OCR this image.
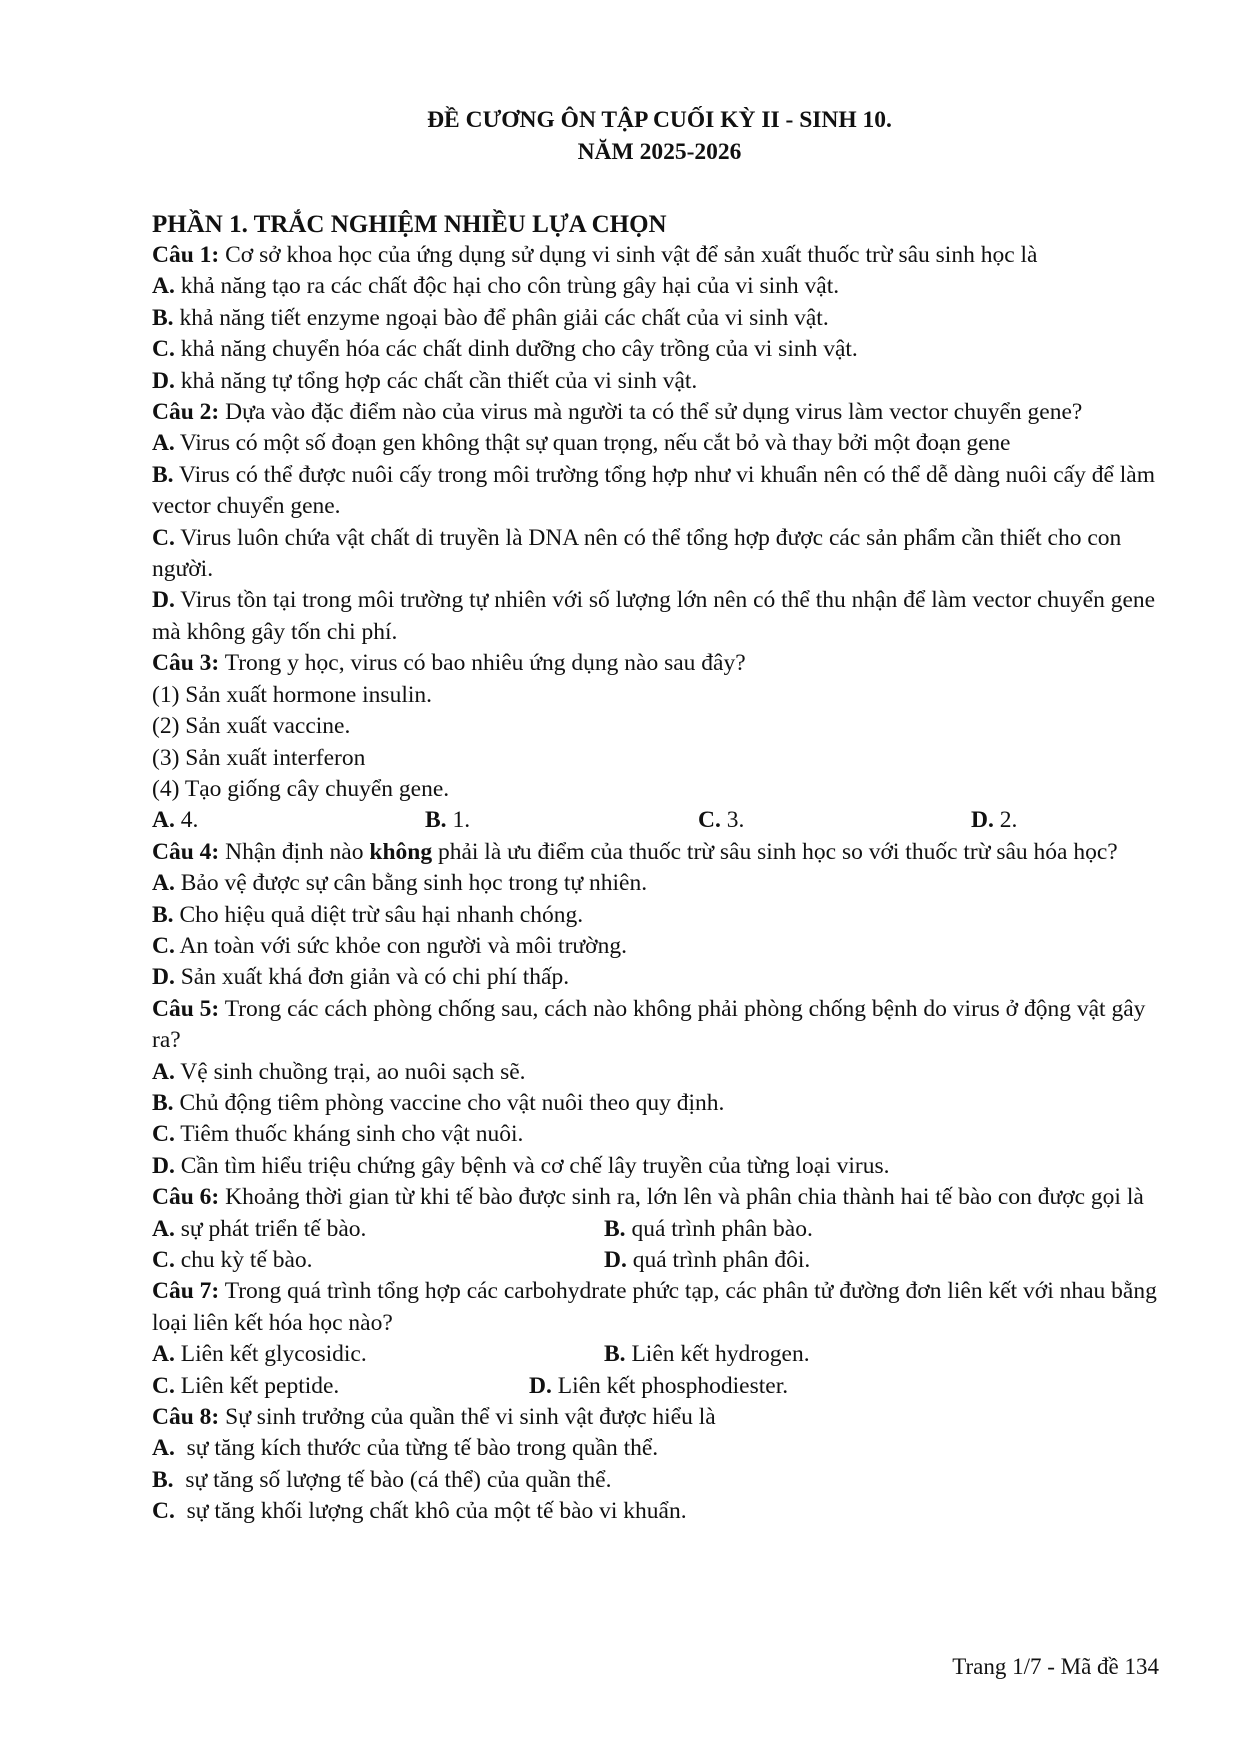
ĐỀ CƯƠNG ÔN TẬP CUỐI KỲ II - SINH 10.
NĂM 2025-2026
PHẦN 1. TRẮC NGHIỆM NHIỀU LỰA CHỌN

Câu 1: Cơ sở khoa học của ứng dụng sử dụng vi sinh vật để sản xuất thuốc trừ sâu sinh học là

A. khả năng tạo ra các chất độc hại cho côn trùng gây hại của vi sinh vật.

B. khả năng tiết enzyme ngoại bào để phân giải các chất của vi sinh vật.

C. khả năng chuyển hóa các chất dinh dưỡng cho cây trồng của vi sinh vật.

D. khả năng tự tổng hợp các chất cần thiết của vi sinh vật.

Câu 2: Dựa vào đặc điểm nào của virus mà người ta có thể sử dụng virus làm vector chuyển gene?

A. Virus có một số đoạn gen không thật sự quan trọng, nếu cắt bỏ và thay bởi một đoạn gene

B. Virus có thể được nuôi cấy trong môi trường tổng hợp như vi khuẩn nên có thể dễ dàng nuôi cấy để làm vector chuyển gene.

C. Virus luôn chứa vật chất di truyền là DNA nên có thể tổng hợp được các sản phẩm cần thiết cho con người.

D. Virus tồn tại trong môi trường tự nhiên với số lượng lớn nên có thể thu nhận để làm vector chuyển gene mà không gây tốn chi phí.

Câu 3: Trong y học, virus có bao nhiêu ứng dụng nào sau đây?

(1) Sản xuất hormone insulin.

(2) Sản xuất vaccine.

(3) Sản xuất interferon

(4) Tạo giống cây chuyển gene.

A. 4.	B. 1.	C. 3.	D. 2.

Câu 4: Nhận định nào không phải là ưu điểm của thuốc trừ sâu sinh học so với thuốc trừ sâu hóa học?

A. Bảo vệ được sự cân bằng sinh học trong tự nhiên.

B. Cho hiệu quả diệt trừ sâu hại nhanh chóng.

C. An toàn với sức khỏe con người và môi trường.

D. Sản xuất khá đơn giản và có chi phí thấp.

Câu 5: Trong các cách phòng chống sau, cách nào không phải phòng chống bệnh do virus ở động vật gây ra?

A. Vệ sinh chuồng trại, ao nuôi sạch sẽ.

B. Chủ động tiêm phòng vaccine cho vật nuôi theo quy định.

C. Tiêm thuốc kháng sinh cho vật nuôi.

D. Cần tìm hiểu triệu chứng gây bệnh và cơ chế lây truyền của từng loại virus.

Câu 6: Khoảng thời gian từ khi tế bào được sinh ra, lớn lên và phân chia thành hai tế bào con được gọi là

A. sự phát triển tế bào.	B. quá trình phân bào.

C. chu kỳ tế bào.	D. quá trình phân đôi.

Câu 7: Trong quá trình tổng hợp các carbohydrate phức tạp, các phân tử đường đơn liên kết với nhau bằng loại liên kết hóa học nào?

A. Liên kết glycosidic.	B. Liên kết hydrogen.

C. Liên kết peptide.	D. Liên kết phosphodiester.

Câu 8: Sự sinh trưởng của quần thể vi sinh vật được hiểu là

A.  sự tăng kích thước của từng tế bào trong quần thể.

B.  sự tăng số lượng tế bào (cá thể) của quần thể.

C.  sự tăng khối lượng chất khô của một tế bào vi khuẩn.

Trang 1/7 - Mã đề 134
